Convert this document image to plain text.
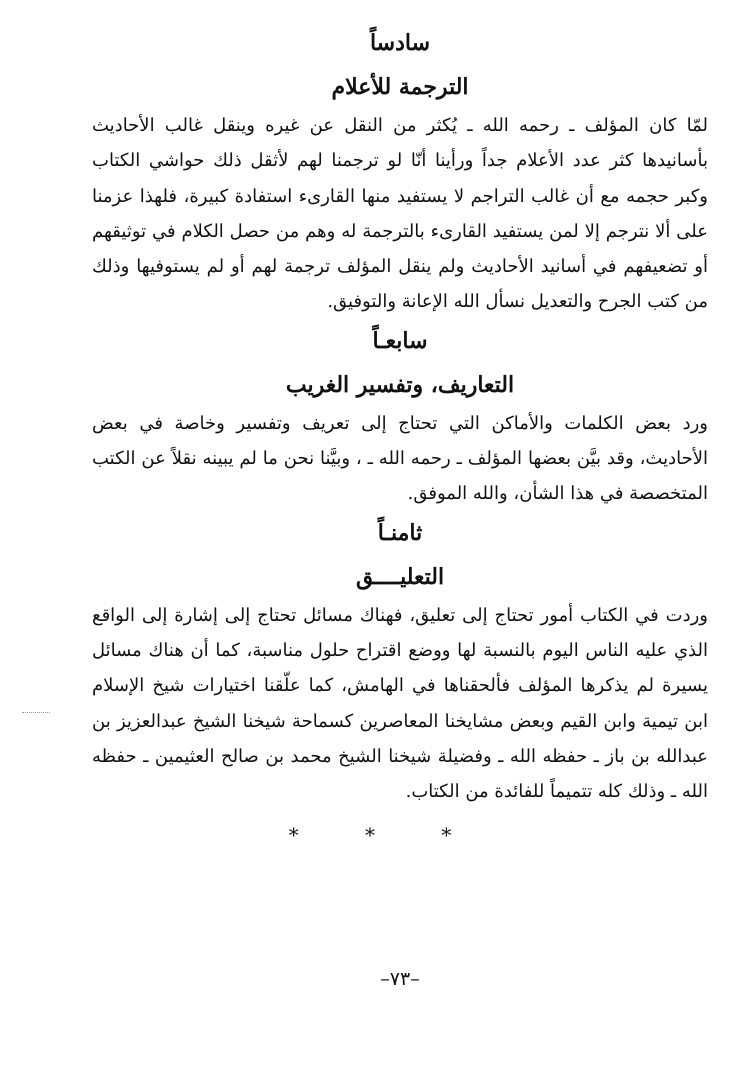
سادساً
الترجمة للأعلام

لمّا كان المؤلف ـ رحمه الله ـ يُكثر من النقل عن غيره وينقل غالب الأحاديث بأسانيدها كثر عدد الأعلام جداً ورأينا أنّا لو ترجمنا لهم لأثقل ذلك حواشي الكتاب وكبر حجمه مع أن غالب التراجم لا يستفيد منها القارىء استفادة كبيرة، فلهذا عزمنا على ألا نترجم إلا لمن يستفيد القارىء بالترجمة له وهم من حصل الكلام في توثيقهم أو تضعيفهم في أسانيد الأحاديث ولم ينقل المؤلف ترجمة لهم أو لم يستوفيها وذلك من كتب الجرح والتعديل نسأل الله الإعانة والتوفيق.

سابعـاً
التعاريف، وتفسير الغريب

ورد بعض الكلمات والأماكن التي تحتاج إلى تعريف وتفسير وخاصة في بعض الأحاديث، وقد بيَّن بعضها المؤلف ـ رحمه الله ـ ، وبيَّنا نحن ما لم يبينه نقلاً عن الكتب المتخصصة في هذا الشأن، والله الموفق.

ثامنـاً
التعليــــق

وردت في الكتاب أمور تحتاج إلى تعليق، فهناك مسائل تحتاج إلى إشارة إلى الواقع الذي عليه الناس اليوم بالنسبة لها ووضع اقتراح حلول مناسبة، كما أن هناك مسائل يسيرة لم يذكرها المؤلف فألحقناها في الهامش، كما علّقنا اختيارات شيخ الإسلام ابن تيمية وابن القيم وبعض مشايخنا المعاصرين كسماحة شيخنا الشيخ عبدالعزيز بن عبدالله بن باز ـ حفظه الله ـ وفضيلة شيخنا الشيخ محمد بن صالح العثيمين ـ حفظه الله ـ وذلك كله تتميماً للفائدة من الكتاب.

* * *
–٧٣–
